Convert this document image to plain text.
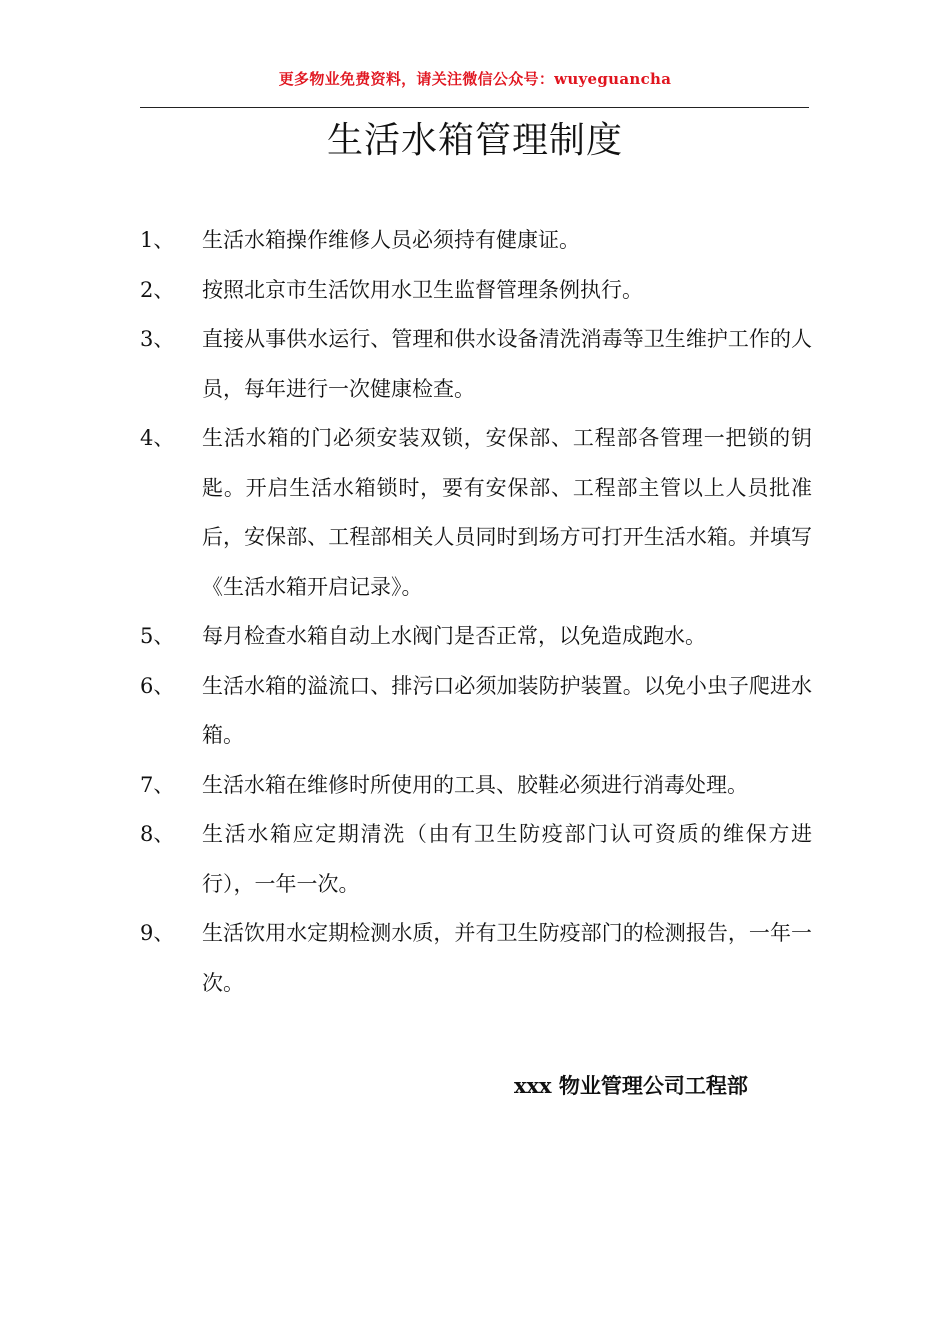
更多物业免费资料，请关注微信公众号：wuyeguancha
生活水箱管理制度
1、	生活水箱操作维修人员必须持有健康证。
2、	按照北京市生活饮用水卫生监督管理条例执行。
3、	直接从事供水运行、管理和供水设备清洗消毒等卫生维护工作的人员，每年进行一次健康检查。
4、	生活水箱的门必须安装双锁，安保部、工程部各管理一把锁的钥匙。开启生活水箱锁时，要有安保部、工程部主管以上人员批准后，安保部、工程部相关人员同时到场方可打开生活水箱。并填写《生活水箱开启记录》。
5、	每月检查水箱自动上水阀门是否正常，以免造成跑水。
6、	生活水箱的溢流口、排污口必须加装防护装置。以免小虫子爬进水箱。
7、	生活水箱在维修时所使用的工具、胶鞋必须进行消毒处理。
8、	生活水箱应定期清洗（由有卫生防疫部门认可资质的维保方进行），一年一次。
9、	生活饮用水定期检测水质，并有卫生防疫部门的检测报告，一年一次。
xxx 物业管理公司工程部
